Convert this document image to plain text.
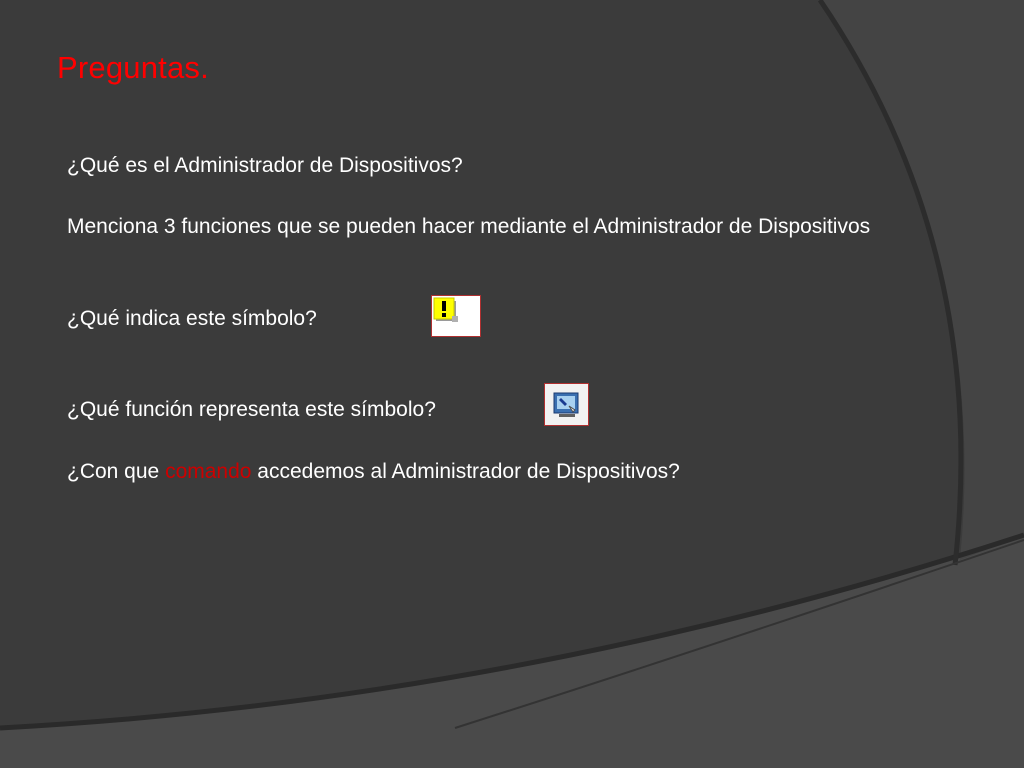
Preguntas.
¿Qué es el Administrador de Dispositivos?
Menciona 3 funciones que se pueden hacer mediante el Administrador de Dispositivos
¿Qué indica este símbolo?
¿Qué función representa este símbolo?
¿Con que comando accedemos al Administrador de Dispositivos?
